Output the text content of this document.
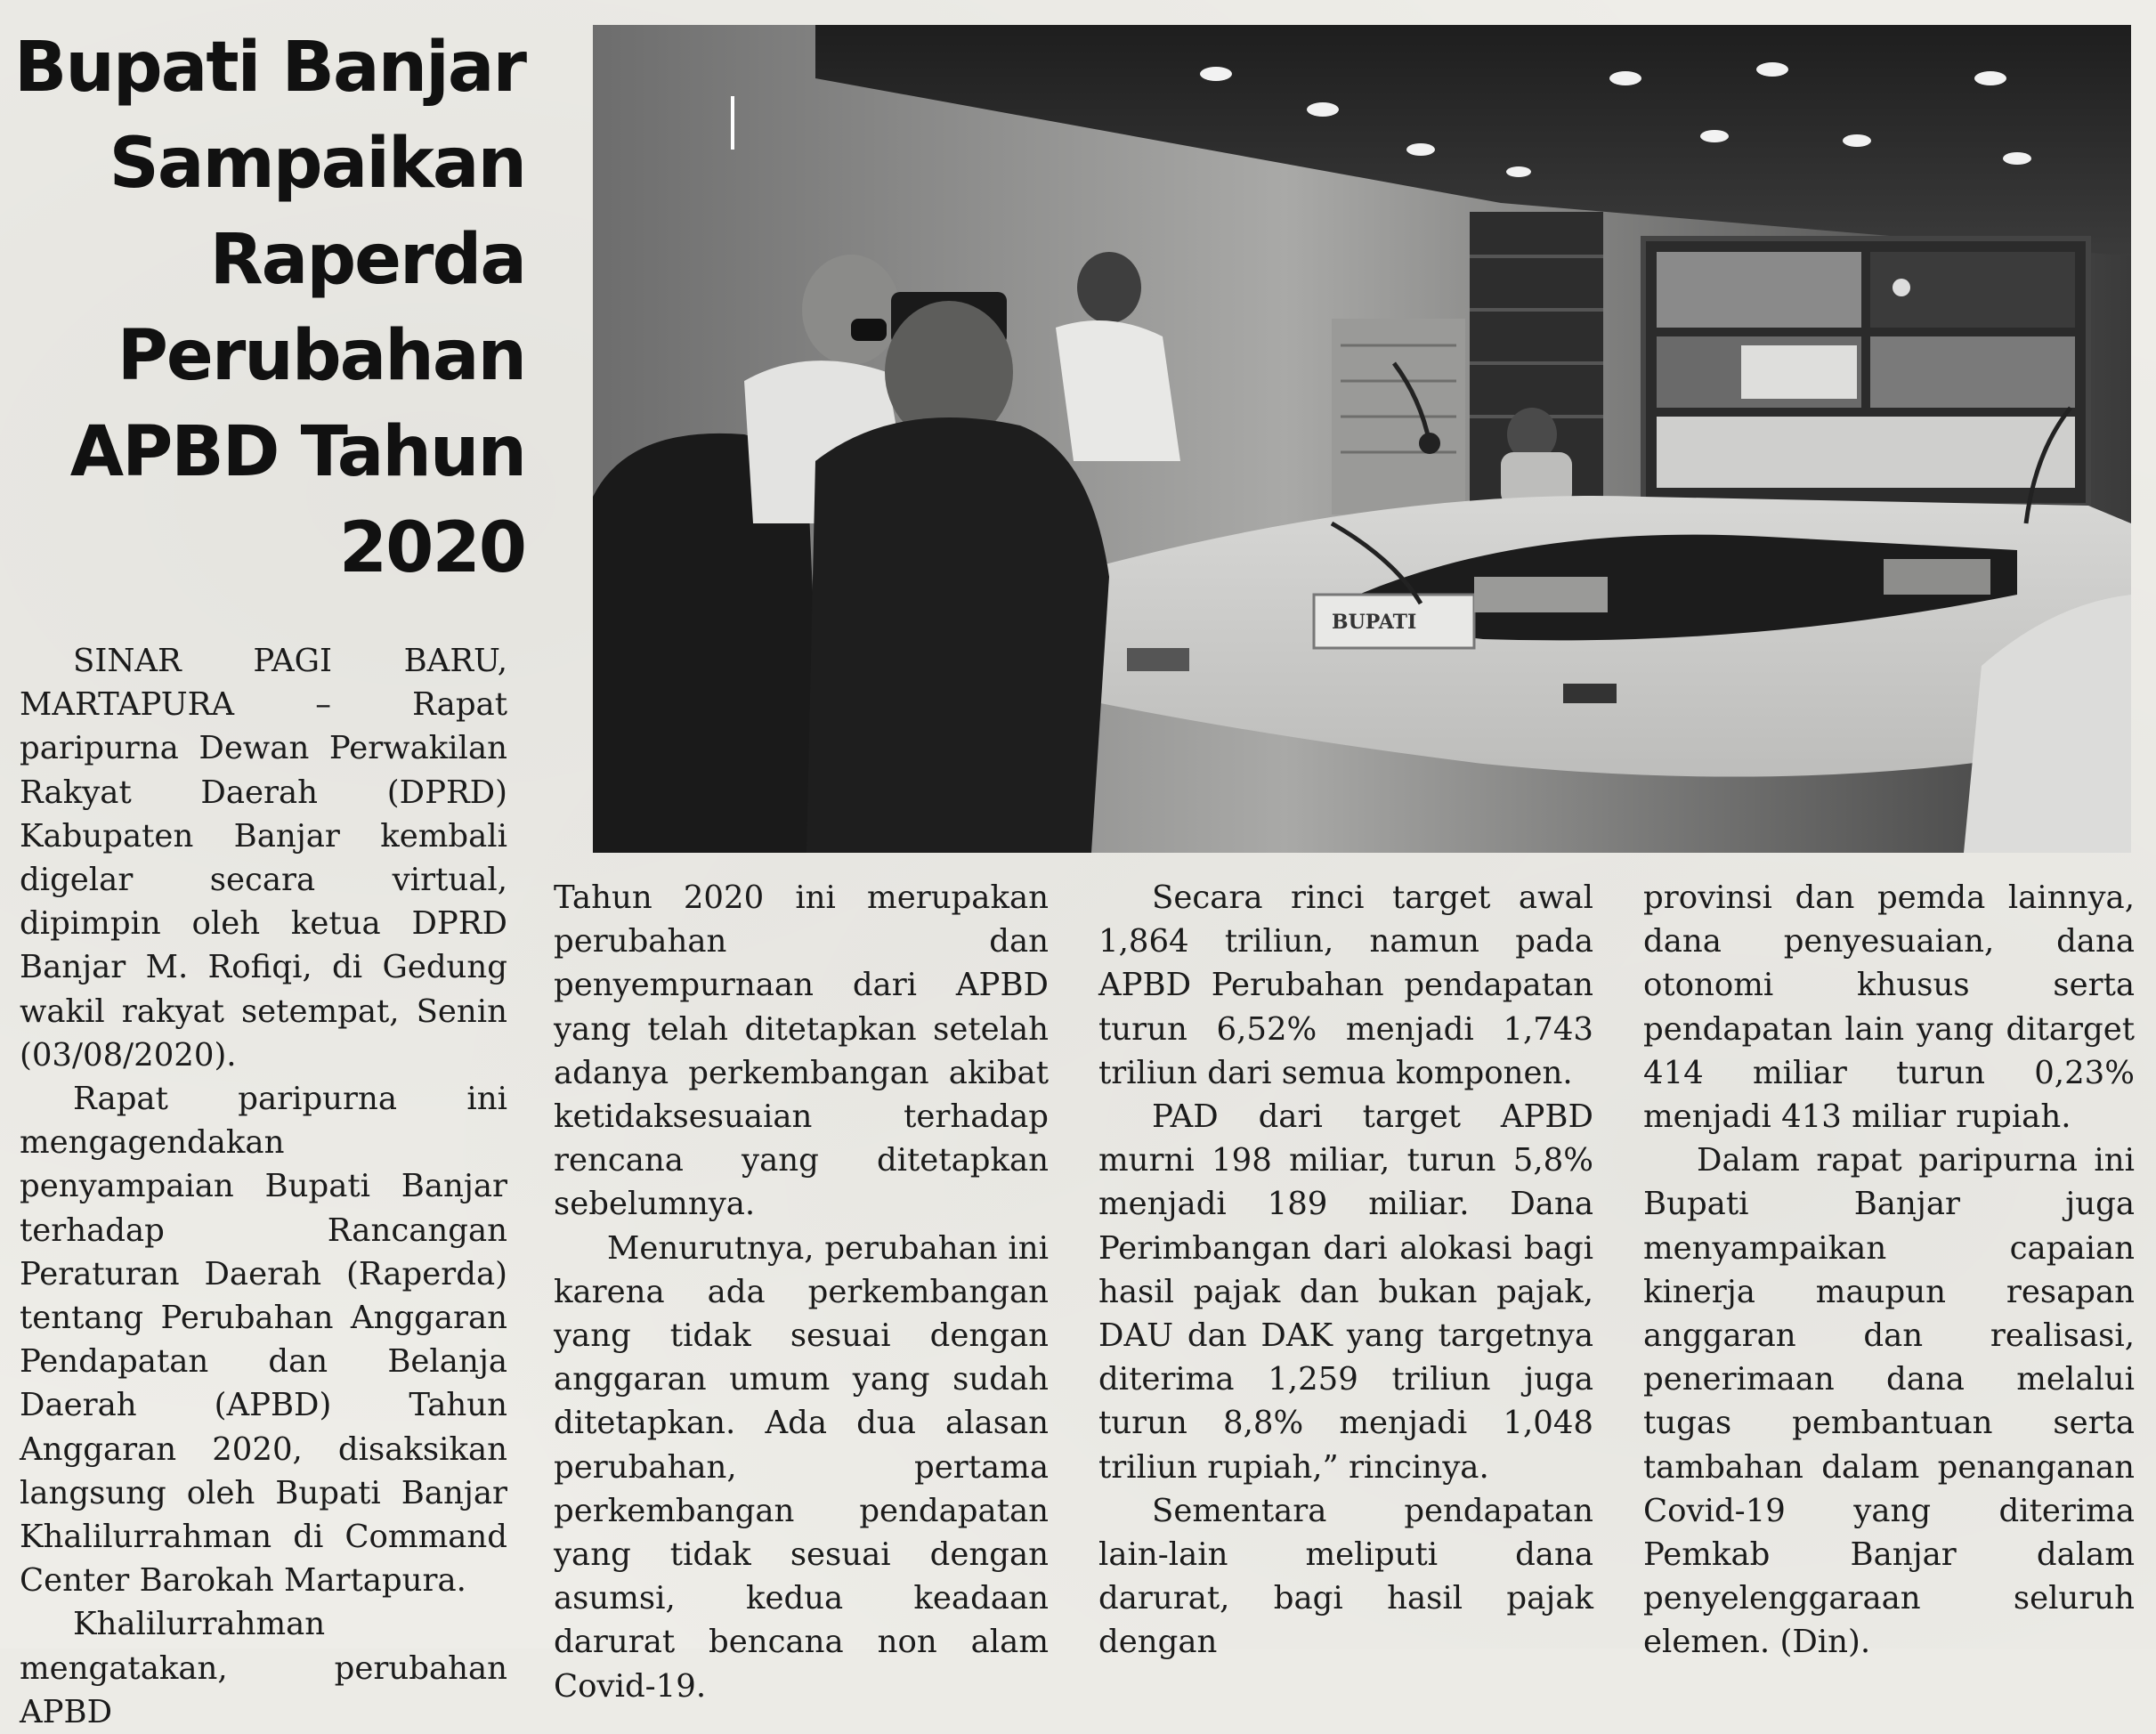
Bupati Banjar
Sampaikan
Raperda
Perubahan
APBD Tahun
2020
BUPATI

SINAR PAGI BARU, MARTAPURA – Rapat paripurna Dewan Perwakilan Rakyat Daerah (DPRD) Kabupaten Banjar kembali digelar secara virtual, dipimpin oleh ketua DPRD Banjar M. Rofiqi, di Gedung wakil rakyat setempat, Senin (03/08/2020).

Rapat paripurna ini mengagendakan penyampaian Bupati Banjar terhadap Rancangan Peraturan Daerah (Raperda) tentang Perubahan Anggaran Pendapatan dan Belanja Daerah (APBD) Tahun Anggaran 2020, disaksikan langsung oleh Bupati Banjar Khalilurrahman di Command Center Barokah Martapura.

Khalilurrahman mengatakan, perubahan APBD

Tahun 2020 ini merupakan perubahan dan penyempurnaan dari APBD yang telah ditetapkan setelah adanya perkembangan akibat ketidaksesuaian terhadap rencana yang ditetapkan sebelumnya.

Menurutnya, perubahan ini karena ada perkembangan yang tidak sesuai dengan anggaran umum yang sudah ditetapkan. Ada dua alasan perubahan, pertama perkembangan pendapatan yang tidak sesuai dengan asumsi, kedua keadaan darurat bencana non alam Covid-19.

Secara rinci target awal 1,864 triliun, namun pada APBD Perubahan pendapatan turun 6,52% menjadi 1,743 triliun dari semua komponen.

PAD dari target APBD murni 198 miliar, turun 5,8% menjadi 189 miliar. Dana Perimbangan dari alokasi bagi hasil pajak dan bukan pajak, DAU dan DAK yang targetnya diterima 1,259 triliun juga turun 8,8% menjadi 1,048 triliun rupiah,” rincinya.

Sementara pendapatan lain-lain meliputi dana darurat, bagi hasil pajak dengan

provinsi dan pemda lainnya, dana penyesuaian, dana otonomi khusus serta pendapatan lain yang ditarget 414 miliar turun 0,23% menjadi 413 miliar rupiah.

Dalam rapat paripurna ini Bupati Banjar juga menyampaikan capaian kinerja maupun resapan anggaran dan realisasi, penerimaan dana melalui tugas pembantuan serta tambahan dalam penanganan Covid-19 yang diterima Pemkab Banjar dalam penyelenggaraan seluruh elemen. (Din).
